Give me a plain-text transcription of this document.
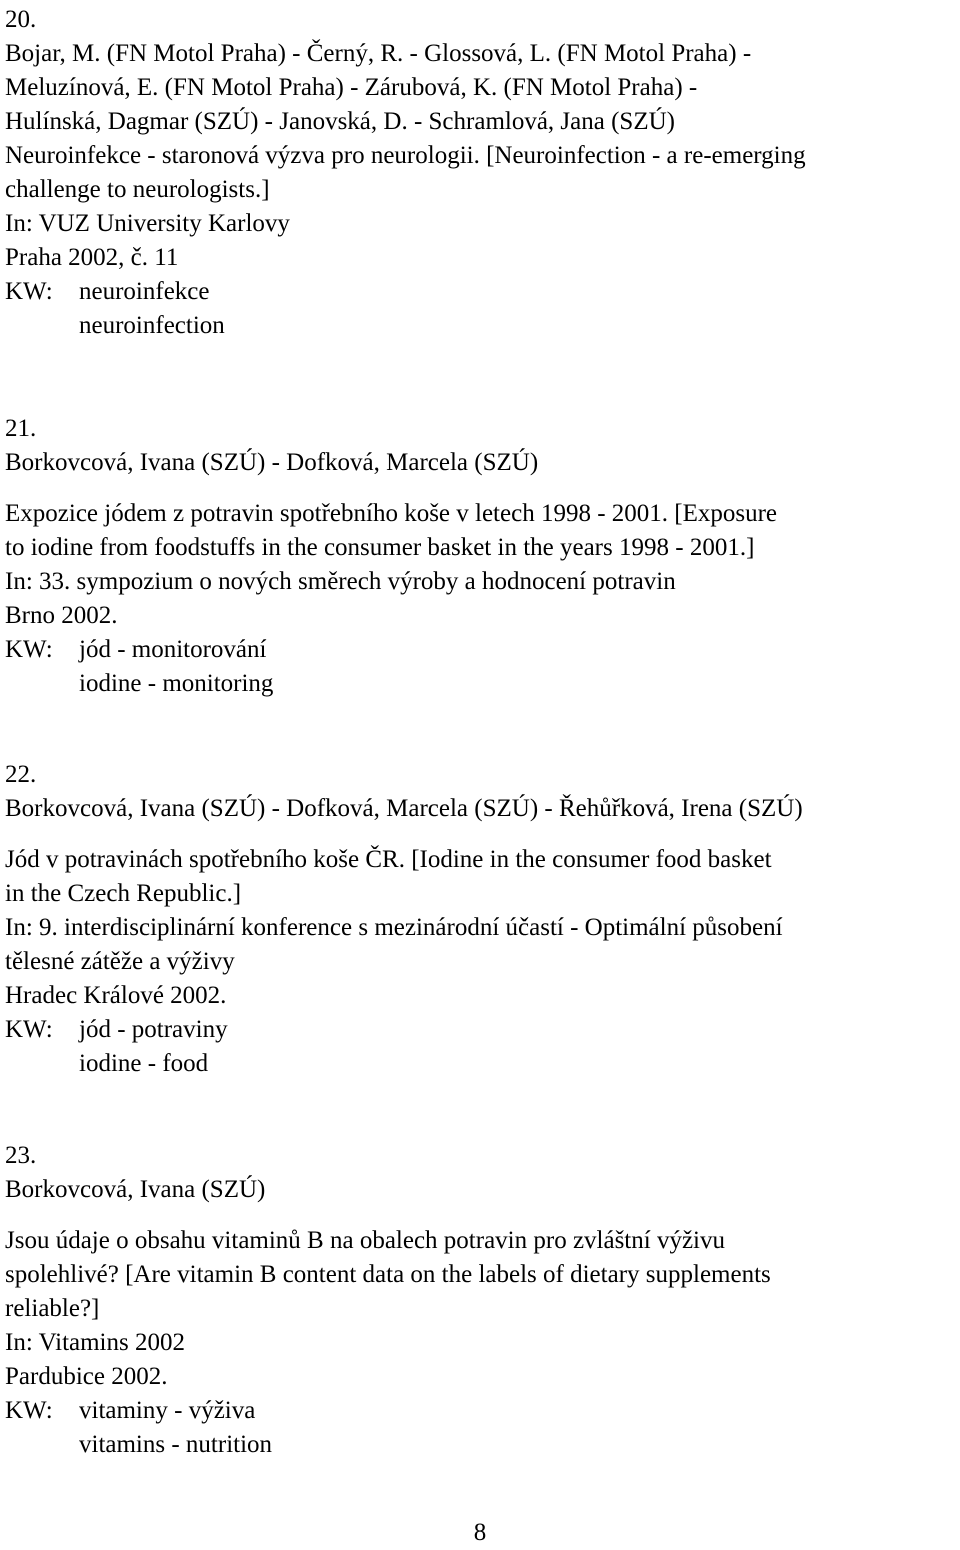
20.
Bojar, M. (FN Motol Praha) - Černý, R. - Glossová, L. (FN Motol Praha) -
Meluzínová, E. (FN Motol Praha) - Zárubová, K. (FN Motol Praha) -
Hulínská, Dagmar (SZÚ) - Janovská, D. - Schramlová, Jana (SZÚ)
Neuroinfekce - staronová výzva pro neurologii. [Neuroinfection - a re-emerging
challenge to neurologists.]
In: VUZ University Karlovy
Praha 2002, č. 11
KW: neuroinfekce
neuroinfection
21.
Borkovcová, Ivana (SZÚ) - Dofková, Marcela (SZÚ)
Expozice jódem z potravin spotřebního koše v letech 1998 - 2001. [Exposure
to iodine from foodstuffs in the consumer basket in the years 1998 - 2001.]
In: 33. sympozium o nových směrech výroby a hodnocení potravin
Brno 2002.
KW: jód - monitorování
iodine - monitoring
22.
Borkovcová, Ivana (SZÚ) - Dofková, Marcela (SZÚ) - Řehůřková, Irena (SZÚ)
Jód v potravinách spotřebního koše ČR. [Iodine in the consumer food basket
in the Czech Republic.]
In: 9. interdisciplinární konference s mezinárodní účastí - Optimální působení
tělesné zátěže a výživy
Hradec Králové 2002.
KW: jód - potraviny
iodine - food
23.
Borkovcová, Ivana (SZÚ)
Jsou údaje o obsahu vitaminů B na obalech potravin pro zvláštní výživu
spolehlivé? [Are vitamin B content data on the labels of dietary supplements
reliable?]
In: Vitamins 2002
Pardubice 2002.
KW: vitaminy - výživa
vitamins - nutrition
8
